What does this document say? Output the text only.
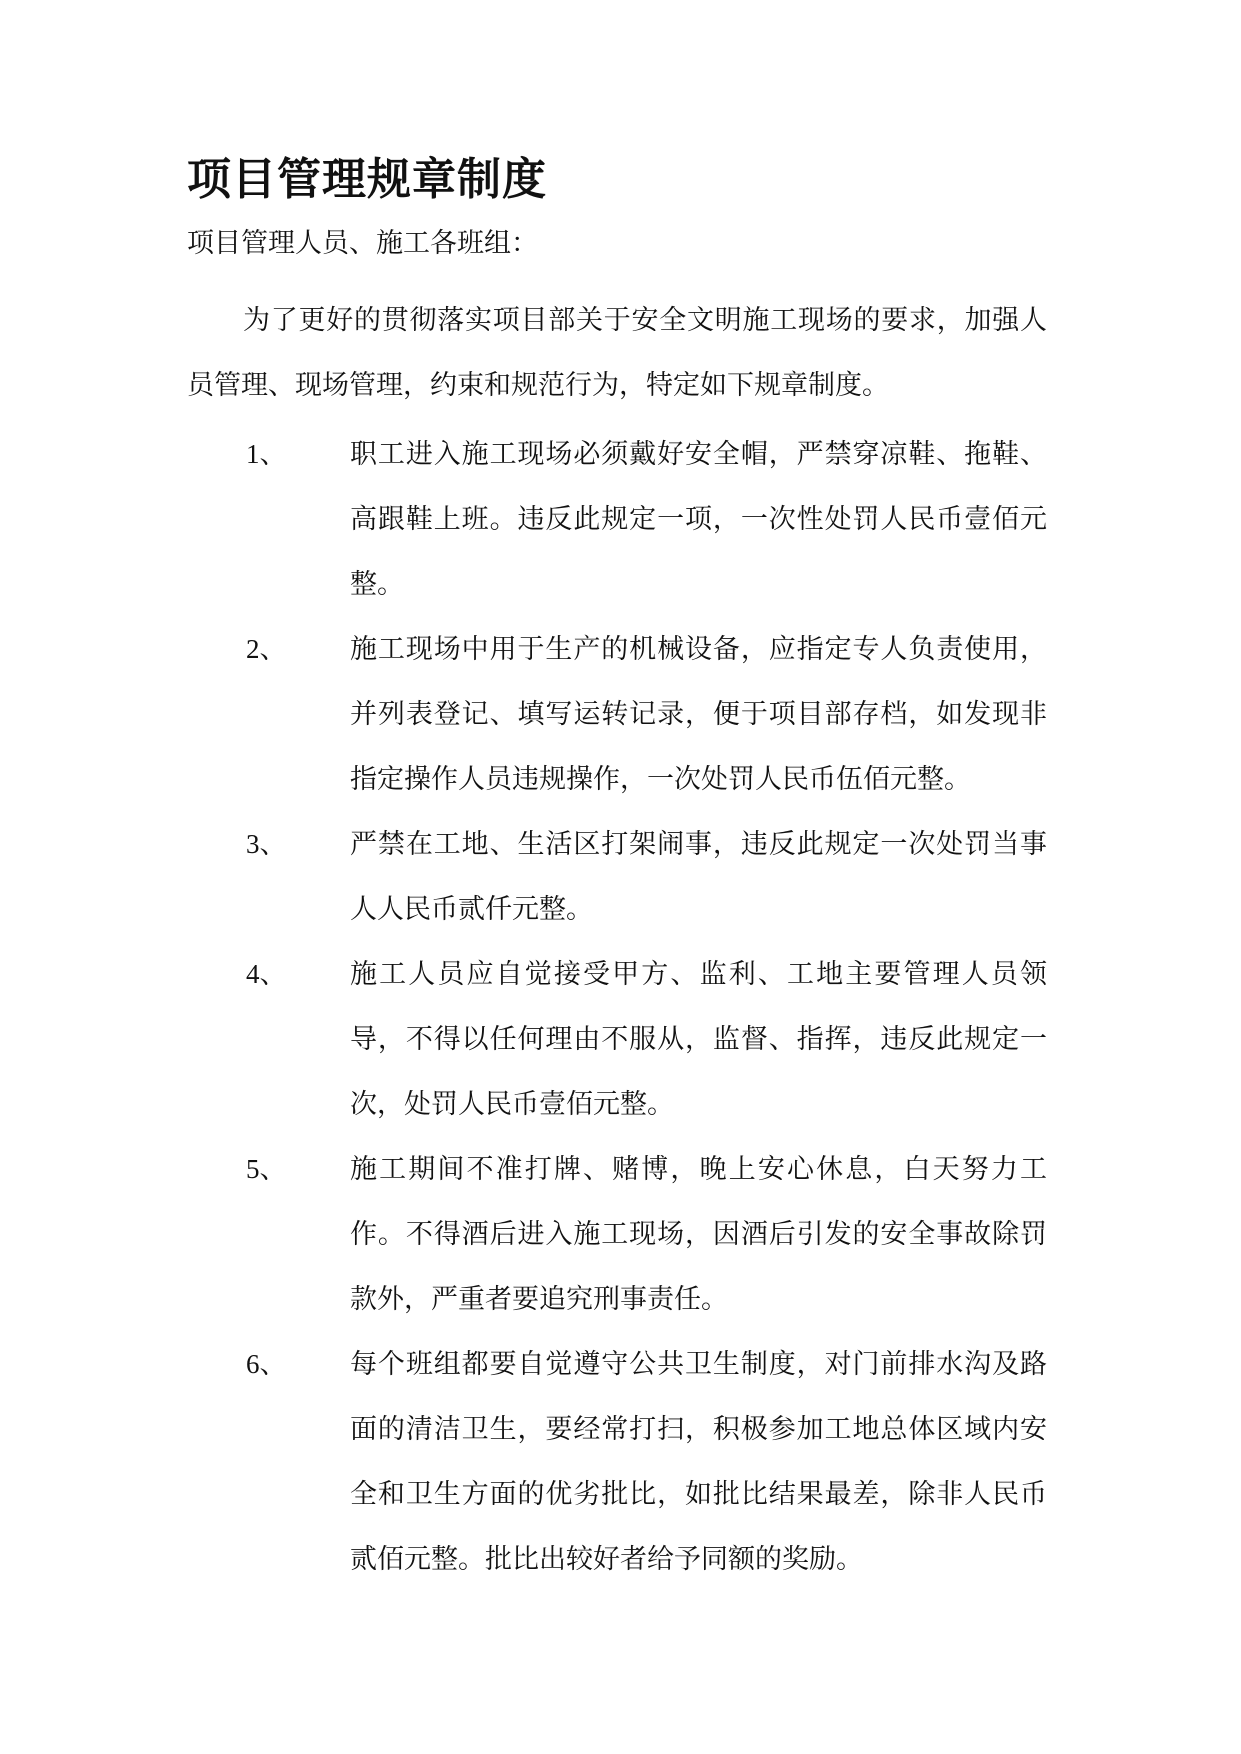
项目管理规章制度

项目管理人员、施工各班组：

为了更好的贯彻落实项目部关于安全文明施工现场的要求，加强人员管理、现场管理，约束和规范行为，特定如下规章制度。

1、	职工进入施工现场必须戴好安全帽，严禁穿凉鞋、拖鞋、高跟鞋上班。违反此规定一项，一次性处罚人民币壹佰元整。
2、	施工现场中用于生产的机械设备，应指定专人负责使用，并列表登记、填写运转记录，便于项目部存档，如发现非指定操作人员违规操作，一次处罚人民币伍佰元整。
3、	严禁在工地、生活区打架闹事，违反此规定一次处罚当事人人民币贰仟元整。
4、	施工人员应自觉接受甲方、监利、工地主要管理人员领导，不得以任何理由不服从，监督、指挥，违反此规定一次，处罚人民币壹佰元整。
5、	施工期间不准打牌、赌博，晚上安心休息，白天努力工作。不得酒后进入施工现场，因酒后引发的安全事故除罚款外，严重者要追究刑事责任。
6、	每个班组都要自觉遵守公共卫生制度，对门前排水沟及路面的清洁卫生，要经常打扫，积极参加工地总体区域内安全和卫生方面的优劣批比，如批比结果最差，除非人民币贰佰元整。批比出较好者给予同额的奖励。
